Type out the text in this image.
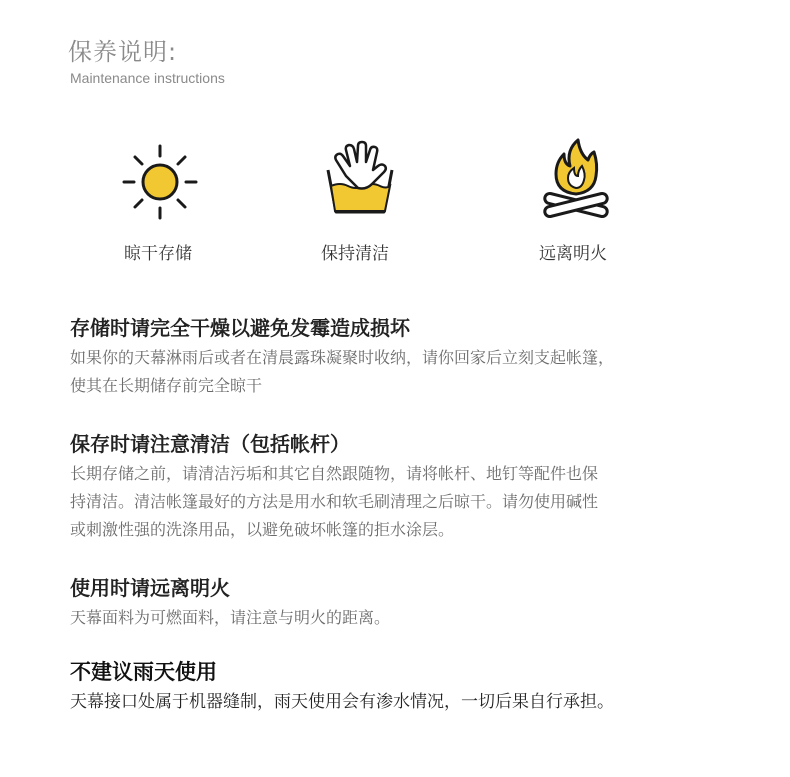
保养说明:
Maintenance instructions
晾干存储	保持清洁	远离明火
存储时请完全干燥以避免发霉造成损坏
如果你的天幕淋雨后或者在清晨露珠凝聚时收纳，请你回家后立刻支起帐篷，
使其在长期储存前完全晾干
保存时请注意清洁（包括帐杆）
长期存储之前，请清洁污垢和其它自然跟随物，请将帐杆、地钉等配件也保
持清洁。清洁帐篷最好的方法是用水和软毛刷清理之后晾干。请勿使用碱性
或刺激性强的洗涤用品，以避免破坏帐篷的拒水涂层。
使用时请远离明火
天幕面料为可燃面料，请注意与明火的距离。
不建议雨天使用
天幕接口处属于机器缝制，雨天使用会有渗水情况，一切后果自行承担。
